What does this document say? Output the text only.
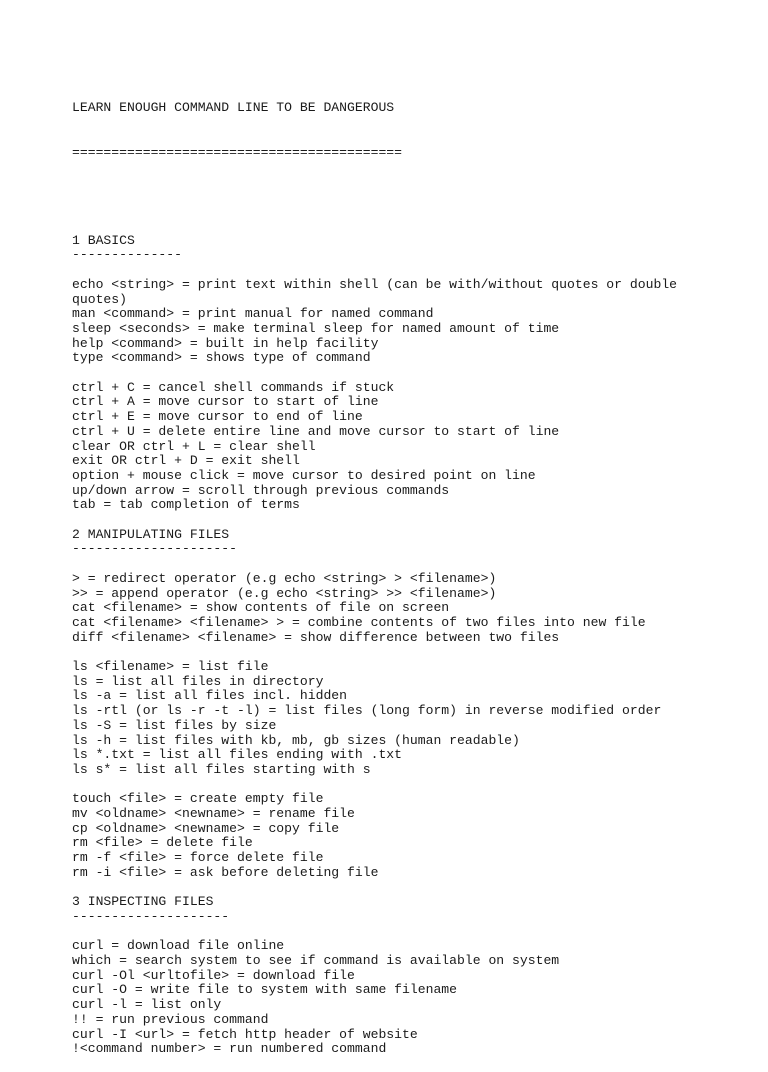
LEARN ENOUGH COMMAND LINE TO BE DANGEROUS

==========================================

1 BASICS
--------------
echo <string> = print text within shell (can be with/without quotes or double quotes)
man <command> = print manual for named command
sleep <seconds> = make terminal sleep for named amount of time
help <command> = built in help facility
type <command> = shows type of command
ctrl + C = cancel shell commands if stuck
ctrl + A = move cursor to start of line
ctrl + E = move cursor to end of line
ctrl + U = delete entire line and move cursor to start of line
clear OR ctrl + L = clear shell
exit OR ctrl + D = exit shell
option + mouse click = move cursor to desired point on line
up/down arrow = scroll through previous commands
tab = tab completion of terms
2 MANIPULATING FILES
---------------------
> = redirect operator (e.g echo <string> > <filename>)
>> = append operator (e.g echo <string> >> <filename>)
cat <filename> = show contents of file on screen
cat <filename> <filename> > = combine contents of two files into new file
diff <filename> <filename> = show difference between two files
ls <filename> = list file
ls = list all files in directory
ls -a = list all files incl. hidden
ls -rtl (or ls -r -t -l) = list files (long form) in reverse modified order
ls -S = list files by size
ls -h = list files with kb, mb, gb sizes (human readable)
ls *.txt = list all files ending with .txt
ls s* = list all files starting with s
touch <file> = create empty file
mv <oldname> <newname> = rename file
cp <oldname> <newname> = copy file
rm <file> = delete file
rm -f <file> = force delete file
rm -i <file> = ask before deleting file
3 INSPECTING FILES
--------------------
curl = download file online
which = search system to see if command is available on system
curl -Ol <urltofile> = download file
curl -O = write file to system with same filename
curl -l = list only
!! = run previous command
curl -I <url> = fetch http header of website
!<command number> = run numbered command
